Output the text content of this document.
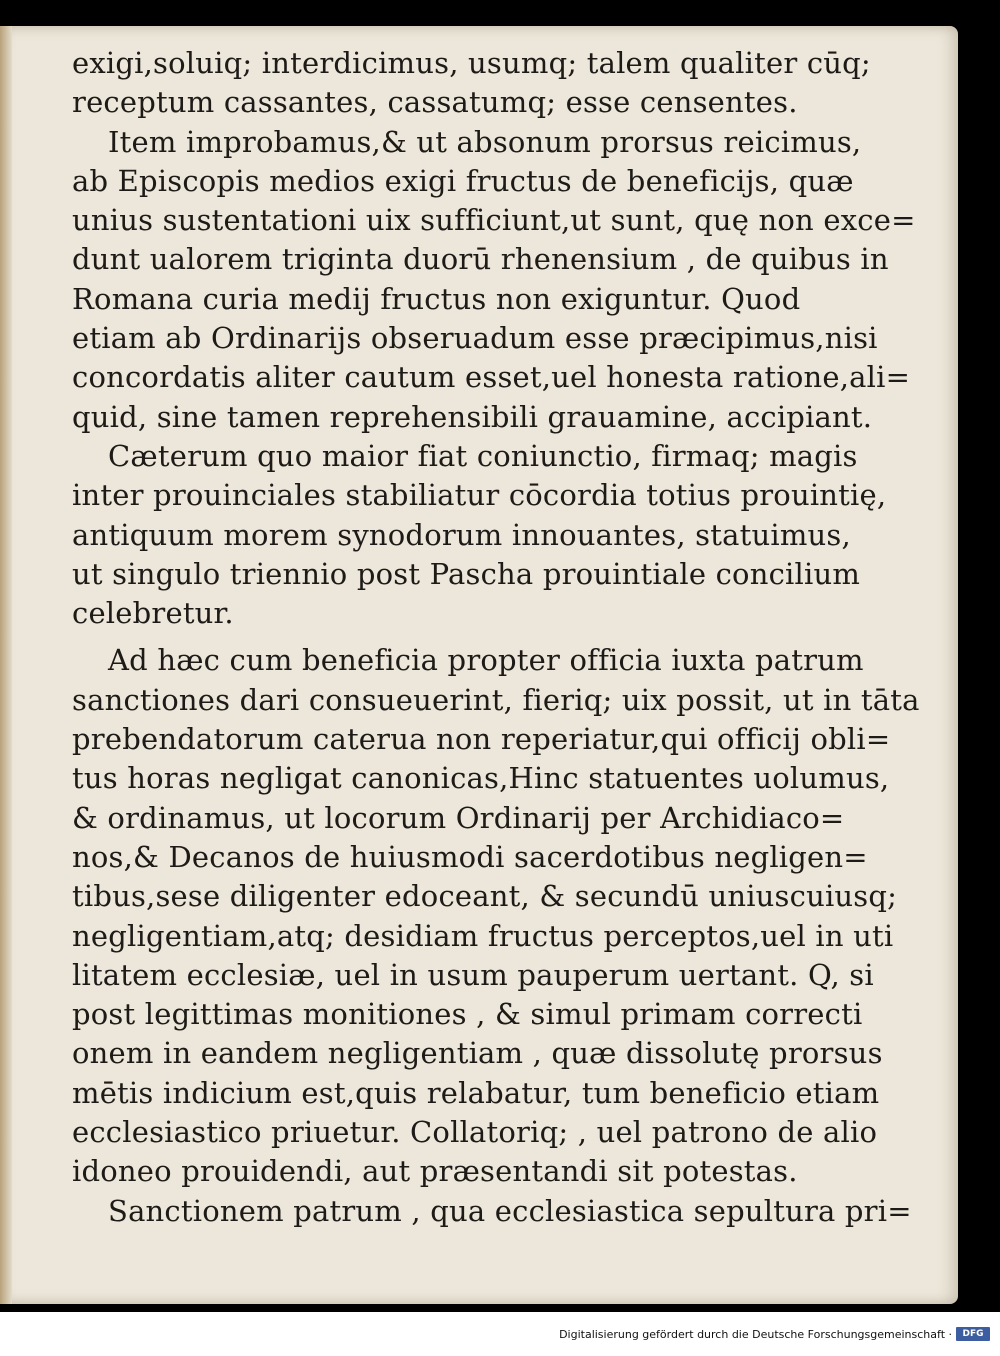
exigi,soluiq; interdicimus, usumq; talem qualiter cūq;
receptum cassantes, cassatumq; esse censentes.
Item improbamus,& ut absonum prorsus reicimus,
ab Episcopis medios exigi fructus de beneficijs, quæ
unius sustentationi uix sufficiunt,ut sunt, quę non exce=
dunt ualorem triginta duorū rhenensium , de quibus in
Romana curia medij fructus non exiguntur. Quod
etiam ab Ordinarijs obseruadum esse præcipimus,nisi
concordatis aliter cautum esset,uel honesta ratione,ali=
quid, sine tamen reprehensibili grauamine, accipiant.
Cæterum quo maior fiat coniunctio, firmaq; magis
inter prouinciales stabiliatur cōcordia totius prouintię,
antiquum morem synodorum innouantes, statuimus,
ut singulo triennio post Pascha prouintiale concilium
celebretur.
Ad hæc cum beneficia propter officia iuxta patrum
sanctiones dari consueuerint, fieriq; uix possit, ut in tāta
prebendatorum caterua non reperiatur,qui officij obli=
tus horas negligat canonicas,Hinc statuentes uolumus,
& ordinamus, ut locorum Ordinarij per Archidiaco=
nos,& Decanos de huiusmodi sacerdotibus negligen=
tibus,sese diligenter edoceant, & secundū uniuscuiusq;
negligentiam,atq; desidiam fructus perceptos,uel in uti
litatem ecclesiæ, uel in usum pauperum uertant. Q, si
post legittimas monitiones , & simul primam correcti
onem in eandem negligentiam , quæ dissolutę prorsus
mētis indicium est,quis relabatur, tum beneficio etiam
ecclesiastico priuetur. Collatoriq; , uel patrono de alio
idoneo prouidendi, aut præsentandi sit potestas.
Sanctionem patrum , qua ecclesiastica sepultura pri=
Digitalisierung gefördert durch die Deutsche Forschungsgemeinschaft ·	DFG
